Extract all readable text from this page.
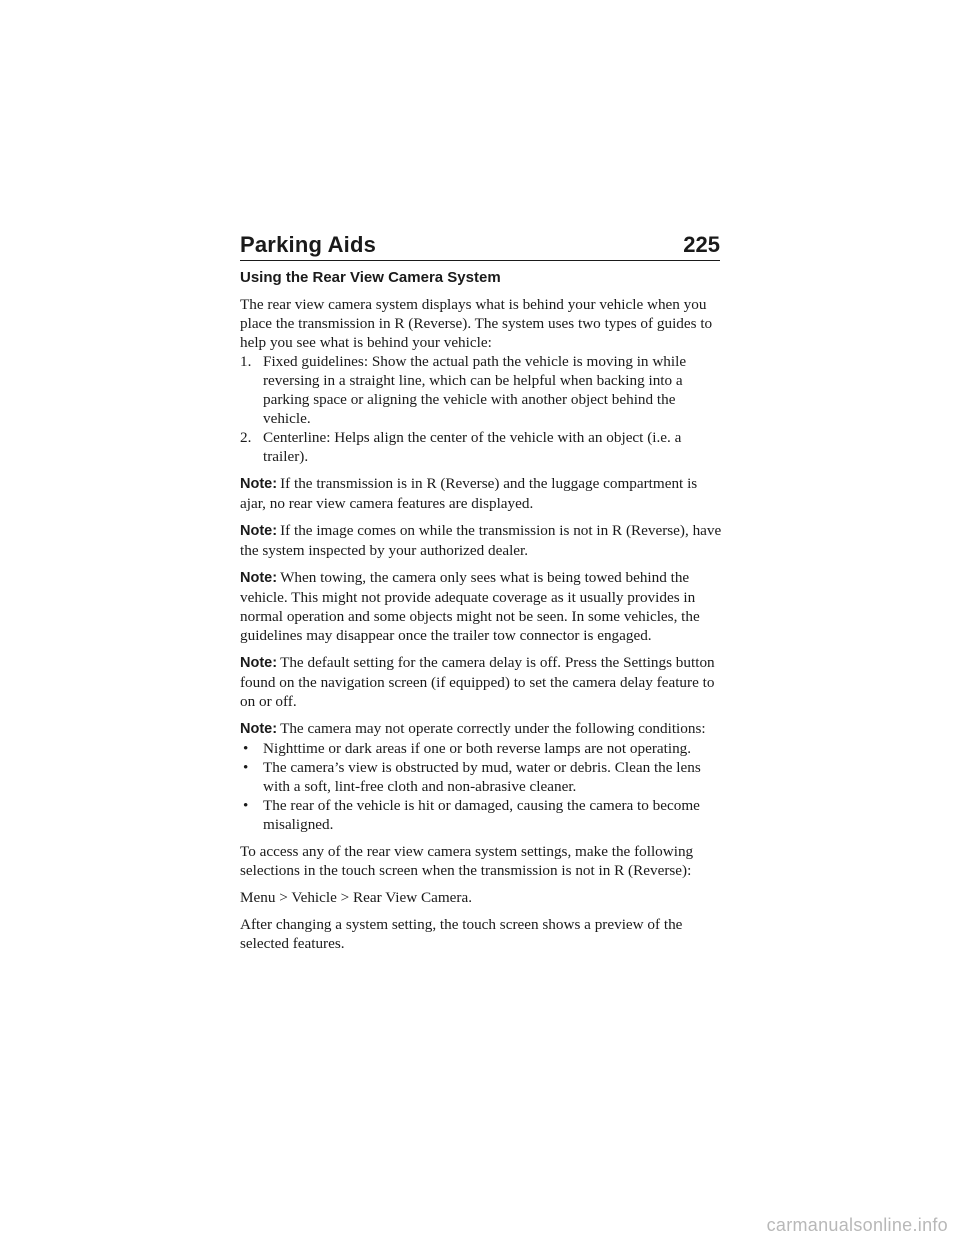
Parking Aids	225

Using the Rear View Camera System

The rear view camera system displays what is behind your vehicle when you place the transmission in R (Reverse). The system uses two types of guides to help you see what is behind your vehicle:

1. Fixed guidelines: Show the actual path the vehicle is moving in while reversing in a straight line, which can be helpful when backing into a parking space or aligning the vehicle with another object behind the vehicle.
2. Centerline: Helps align the center of the vehicle with an object (i.e. a trailer).

Note: If the transmission is in R (Reverse) and the luggage compartment is ajar, no rear view camera features are displayed.

Note: If the image comes on while the transmission is not in R (Reverse), have the system inspected by your authorized dealer.

Note: When towing, the camera only sees what is being towed behind the vehicle. This might not provide adequate coverage as it usually provides in normal operation and some objects might not be seen. In some vehicles, the guidelines may disappear once the trailer tow connector is engaged.

Note: The default setting for the camera delay is off. Press the Settings button found on the navigation screen (if equipped) to set the camera delay feature to on or off.

Note: The camera may not operate correctly under the following conditions:

• Nighttime or dark areas if one or both reverse lamps are not operating.
• The camera’s view is obstructed by mud, water or debris. Clean the lens with a soft, lint-free cloth and non-abrasive cleaner.
• The rear of the vehicle is hit or damaged, causing the camera to become misaligned.

To access any of the rear view camera system settings, make the following selections in the touch screen when the transmission is not in R (Reverse):

Menu > Vehicle > Rear View Camera.

After changing a system setting, the touch screen shows a preview of the selected features.

carmanualsonline.info
